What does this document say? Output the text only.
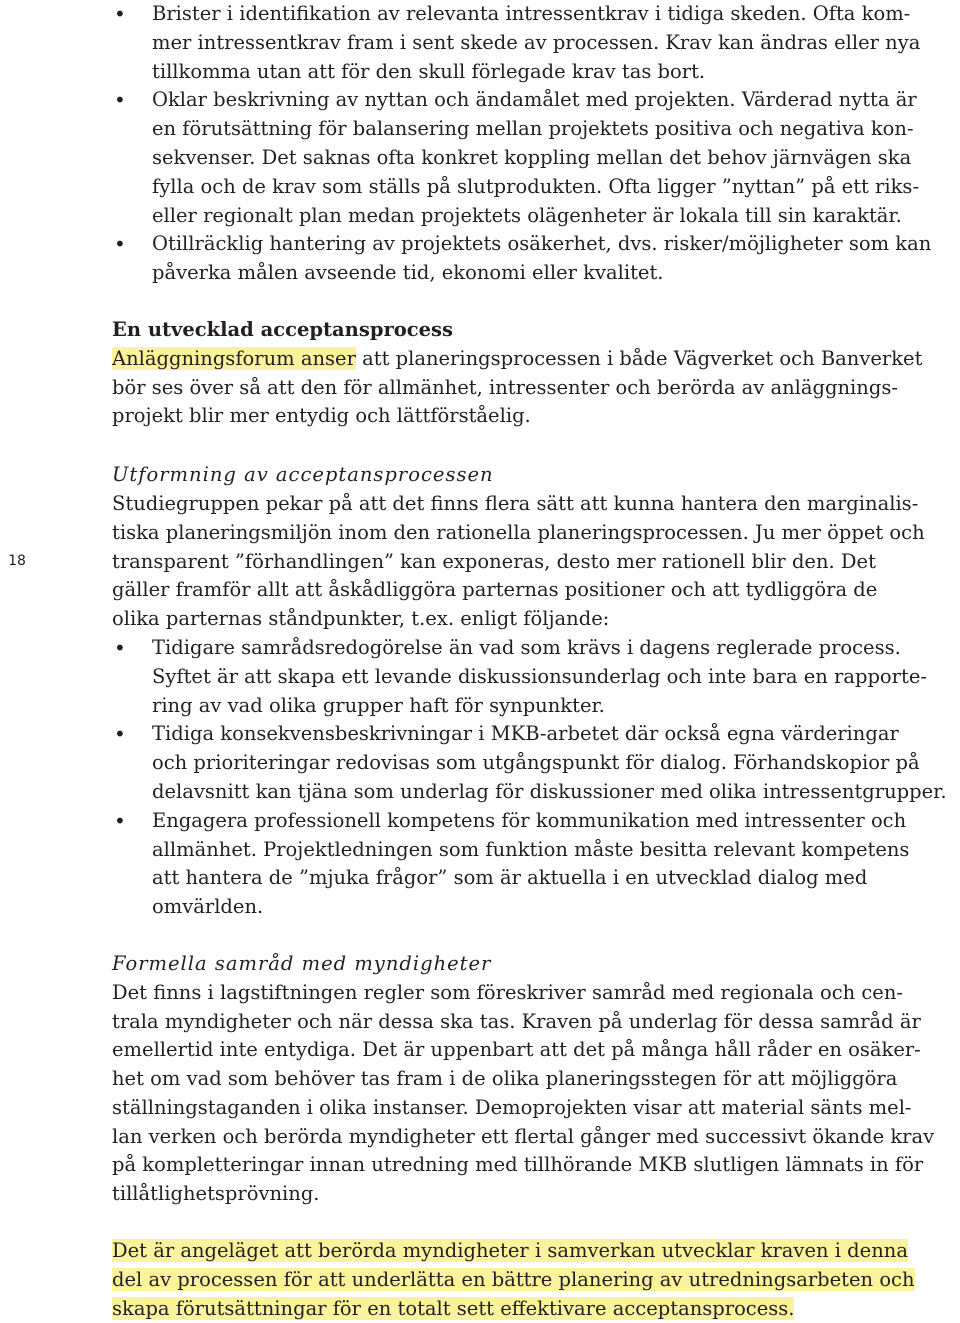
18
• Brister i identifikation av relevanta intressentkrav i tidiga skeden. Ofta kom-
mer intressentkrav fram i sent skede av processen. Krav kan ändras eller nya
tillkomma utan att för den skull förlegade krav tas bort.
• Oklar beskrivning av nyttan och ändamålet med projekten. Värderad nytta är
en förutsättning för balansering mellan projektets positiva och negativa kon-
sekvenser. Det saknas ofta konkret koppling mellan det behov järnvägen ska
fylla och de krav som ställs på slutprodukten. Ofta ligger ”nyttan” på ett riks-
eller regionalt plan medan projektets olägenheter är lokala till sin karaktär.
• Otillräcklig hantering av projektets osäkerhet, dvs. risker/möjligheter som kan
påverka målen avseende tid, ekonomi eller kvalitet.
En utvecklad acceptansprocess

Anläggningsforum anser att planeringsprocessen i både Vägverket och Banverket
bör ses över så att den för allmänhet, intressenter och berörda av anläggnings-
projekt blir mer entydig och lättförståelig.

Utformning av acceptansprocessen

Studiegruppen pekar på att det finns flera sätt att kunna hantera den marginalis-
tiska planeringsmiljön inom den rationella planeringsprocessen. Ju mer öppet och
transparent ”förhandlingen” kan exponeras, desto mer rationell blir den. Det
gäller framför allt att åskådliggöra parternas positioner och att tydliggöra de
olika parternas ståndpunkter, t.ex. enligt följande:

• Tidigare samrådsredogörelse än vad som krävs i dagens reglerade process.
Syftet är att skapa ett levande diskussionsunderlag och inte bara en rapporte-
ring av vad olika grupper haft för synpunkter.
• Tidiga konsekvensbeskrivningar i MKB-arbetet där också egna värderingar
och prioriteringar redovisas som utgångspunkt för dialog. Förhandskopior på
delavsnitt kan tjäna som underlag för diskussioner med olika intressentgrupper.
• Engagera professionell kompetens för kommunikation med intressenter och
allmänhet. Projektledningen som funktion måste besitta relevant kompetens
att hantera de ”mjuka frågor” som är aktuella i en utvecklad dialog med
omvärlden.
Formella samråd med myndigheter

Det finns i lagstiftningen regler som föreskriver samråd med regionala och cen-
trala myndigheter och när dessa ska tas. Kraven på underlag för dessa samråd är
emellertid inte entydiga. Det är uppenbart att det på många håll råder en osäker-
het om vad som behöver tas fram i de olika planeringsstegen för att möjliggöra
ställningstaganden i olika instanser. Demoprojekten visar att material sänts mel-
lan verken och berörda myndigheter ett flertal gånger med successivt ökande krav
på kompletteringar innan utredning med tillhörande MKB slutligen lämnats in för
tillåtlighetsprövning.

Det är angeläget att berörda myndigheter i samverkan utvecklar kraven i denna
del av processen för att underlätta en bättre planering av utredningsarbeten och
skapa förutsättningar för en totalt sett effektivare acceptansprocess.
